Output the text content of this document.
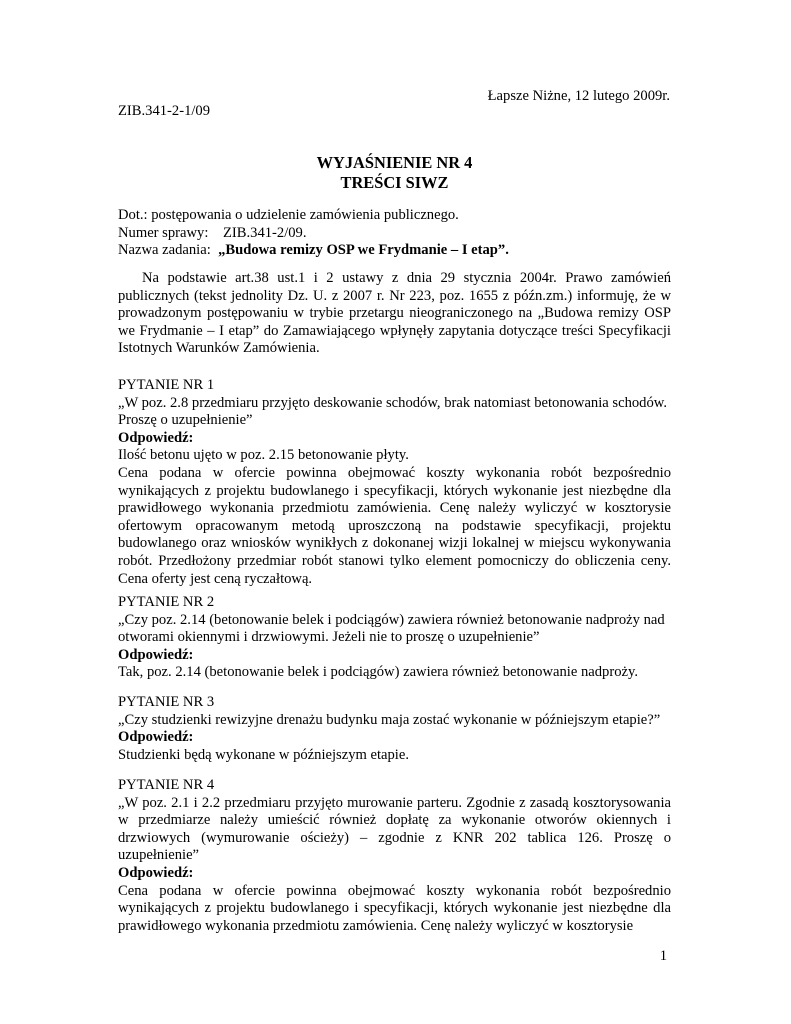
Łapsze Niżne, 12 lutego 2009r.

ZIB.341-2-1/09

WYJAŚNIENIE NR 4
TREŚCI SIWZ
Dot.: postępowania o udzielenie zamówienia publicznego.
Numer sprawy: ZIB.341-2/09.
Nazwa zadania: „Budowa remizy OSP we Frydmanie – I etap”.

Na podstawie art.38 ust.1 i 2 ustawy z dnia 29 stycznia 2004r. Prawo zamówień publicznych (tekst jednolity Dz. U. z 2007 r. Nr 223, poz. 1655 z późn.zm.) informuję, że w prowadzonym postępowaniu w trybie przetargu nieograniczonego na „Budowa remizy OSP we Frydmanie – I etap” do Zamawiającego wpłynęły zapytania dotyczące treści Specyfikacji Istotnych Warunków Zamówienia.

PYTANIE NR 1
„W poz. 2.8 przedmiaru przyjęto deskowanie schodów, brak natomiast betonowania schodów. Proszę o uzupełnienie”
Odpowiedź:
Ilość betonu ujęto w poz. 2.15 betonowanie płyty.
Cena podana w ofercie powinna obejmować koszty wykonania robót bezpośrednio wynikających z projektu budowlanego i specyfikacji, których wykonanie jest niezbędne dla prawidłowego wykonania przedmiotu zamówienia. Cenę należy wyliczyć w kosztorysie ofertowym opracowanym metodą uproszczoną na podstawie specyfikacji, projektu budowlanego oraz wniosków wynikłych z dokonanej wizji lokalnej w miejscu wykonywania robót. Przedłożony przedmiar robót stanowi tylko element pomocniczy do obliczenia ceny. Cena oferty jest ceną ryczałtową.
PYTANIE NR 2
„Czy poz. 2.14 (betonowanie belek i podciągów) zawiera również betonowanie nadproży nad otworami okiennymi i drzwiowymi. Jeżeli nie to proszę o uzupełnienie”
Odpowiedź:
Tak, poz. 2.14 (betonowanie belek i podciągów) zawiera również betonowanie nadproży.
PYTANIE NR 3
„Czy studzienki rewizyjne drenażu budynku maja zostać wykonanie w późniejszym etapie?”
Odpowiedź:
Studzienki będą wykonane w późniejszym etapie.
PYTANIE NR 4
„W poz. 2.1 i 2.2 przedmiaru przyjęto murowanie parteru. Zgodnie z zasadą kosztorysowania w przedmiarze należy umieścić również dopłatę za wykonanie otworów okiennych i drzwiowych (wymurowanie ościeży) – zgodnie z KNR 202 tablica 126. Proszę o uzupełnienie”
Odpowiedź:
Cena podana w ofercie powinna obejmować koszty wykonania robót bezpośrednio wynikających z projektu budowlanego i specyfikacji, których wykonanie jest niezbędne dla prawidłowego wykonania przedmiotu zamówienia. Cenę należy wyliczyć w kosztorysie

1
